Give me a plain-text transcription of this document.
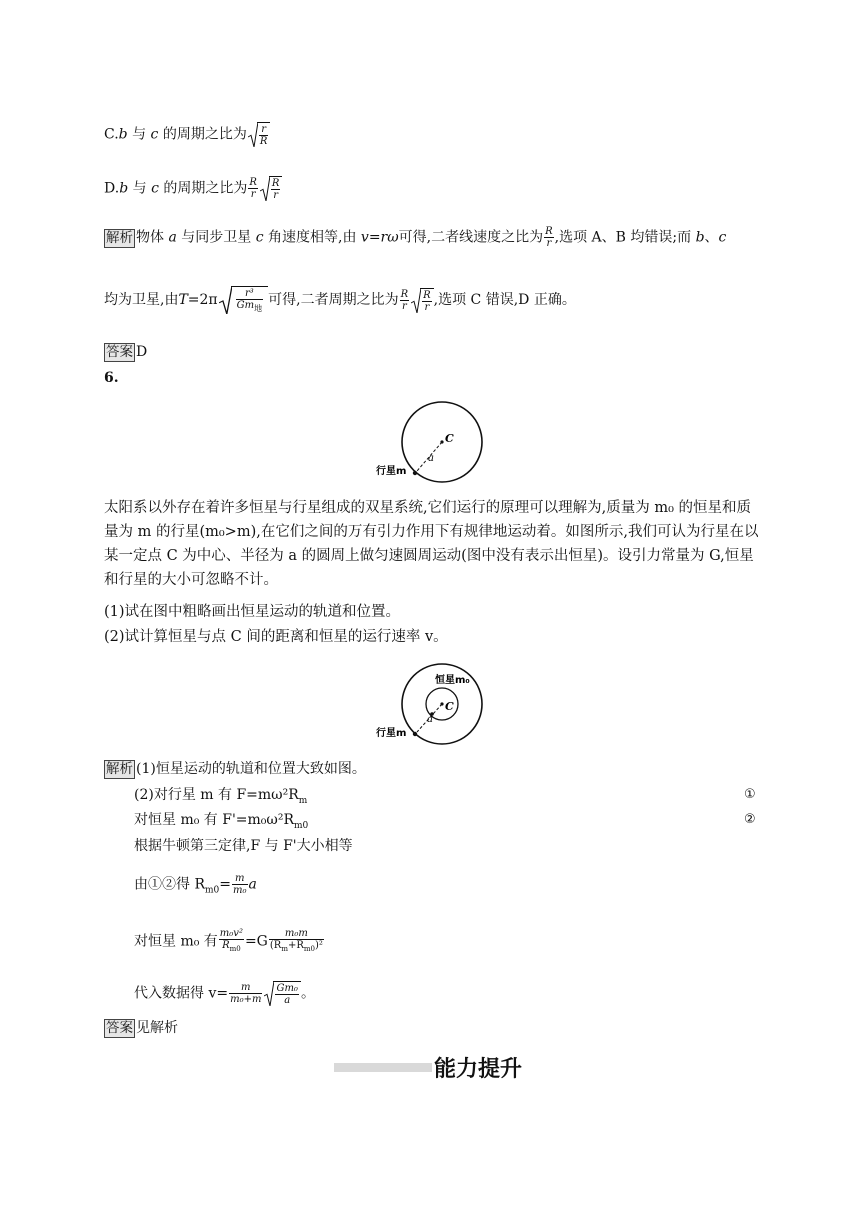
C.b 与 c 的周期之比为 $\frac{r}{R}$
D.b 与 c 的周期之比为 $\frac{R}{r} \frac{R}{r}$
解析 物体 a 与同步卫星 c 角速度相等,由 v=rω可得,二者线速度之比为 $\frac{R}{r}$ ,选项 A、B 均错误;而 b、c
均为卫星,由$T=2\pi \frac{\text{r³}}{Gm_地}$ 可得,二者周期之比为 $\frac{R}{r} \frac{R}{r}$ ,选项 C 错误,D 正确。
答案 D
6.
C
a
行星m
太阳系以外存在着许多恒星与行星组成的双星系统,它们运行的原理可以理解为,质量为 m₀ 的恒星和质量为 m 的行星(m₀>m),在它们之间的万有引力作用下有规律地运动着。如图所示,我们可认为行星在以某一定点 C 为中心、半径为 a 的圆周上做匀速圆周运动(图中没有表示出恒星)。设引力常量为 G,恒星和行星的大小可忽略不计。
(1)试在图中粗略画出恒星运动的轨道和位置。
(2)试计算恒星与点 C 间的距离和恒星的运行速率 v。
恒星m₀
C
a
行星m
解析 (1)恒星运动的轨道和位置大致如图。
(2)对行星 m 有 $F=m\omega^2R_m$	①
对恒星 m₀ 有 $F'=m_0\omega^2R_{m0}$	②
根据牛顿第三定律,F 与 F'大小相等
由①②得 $R_{m0}= \frac{m}{\text{m₀}}$ a
对恒星 m₀ 有 $\frac{\text{m₀v²}}{R_{m0}} =G \frac{\text{m₀m}}{(R_m+R_{m0})^2}$
代入数据得 $v= \frac{m}{\text{m₀+m}} \frac{\text{Gm₀}}{a}$ 。
答案 见解析
能力提升
